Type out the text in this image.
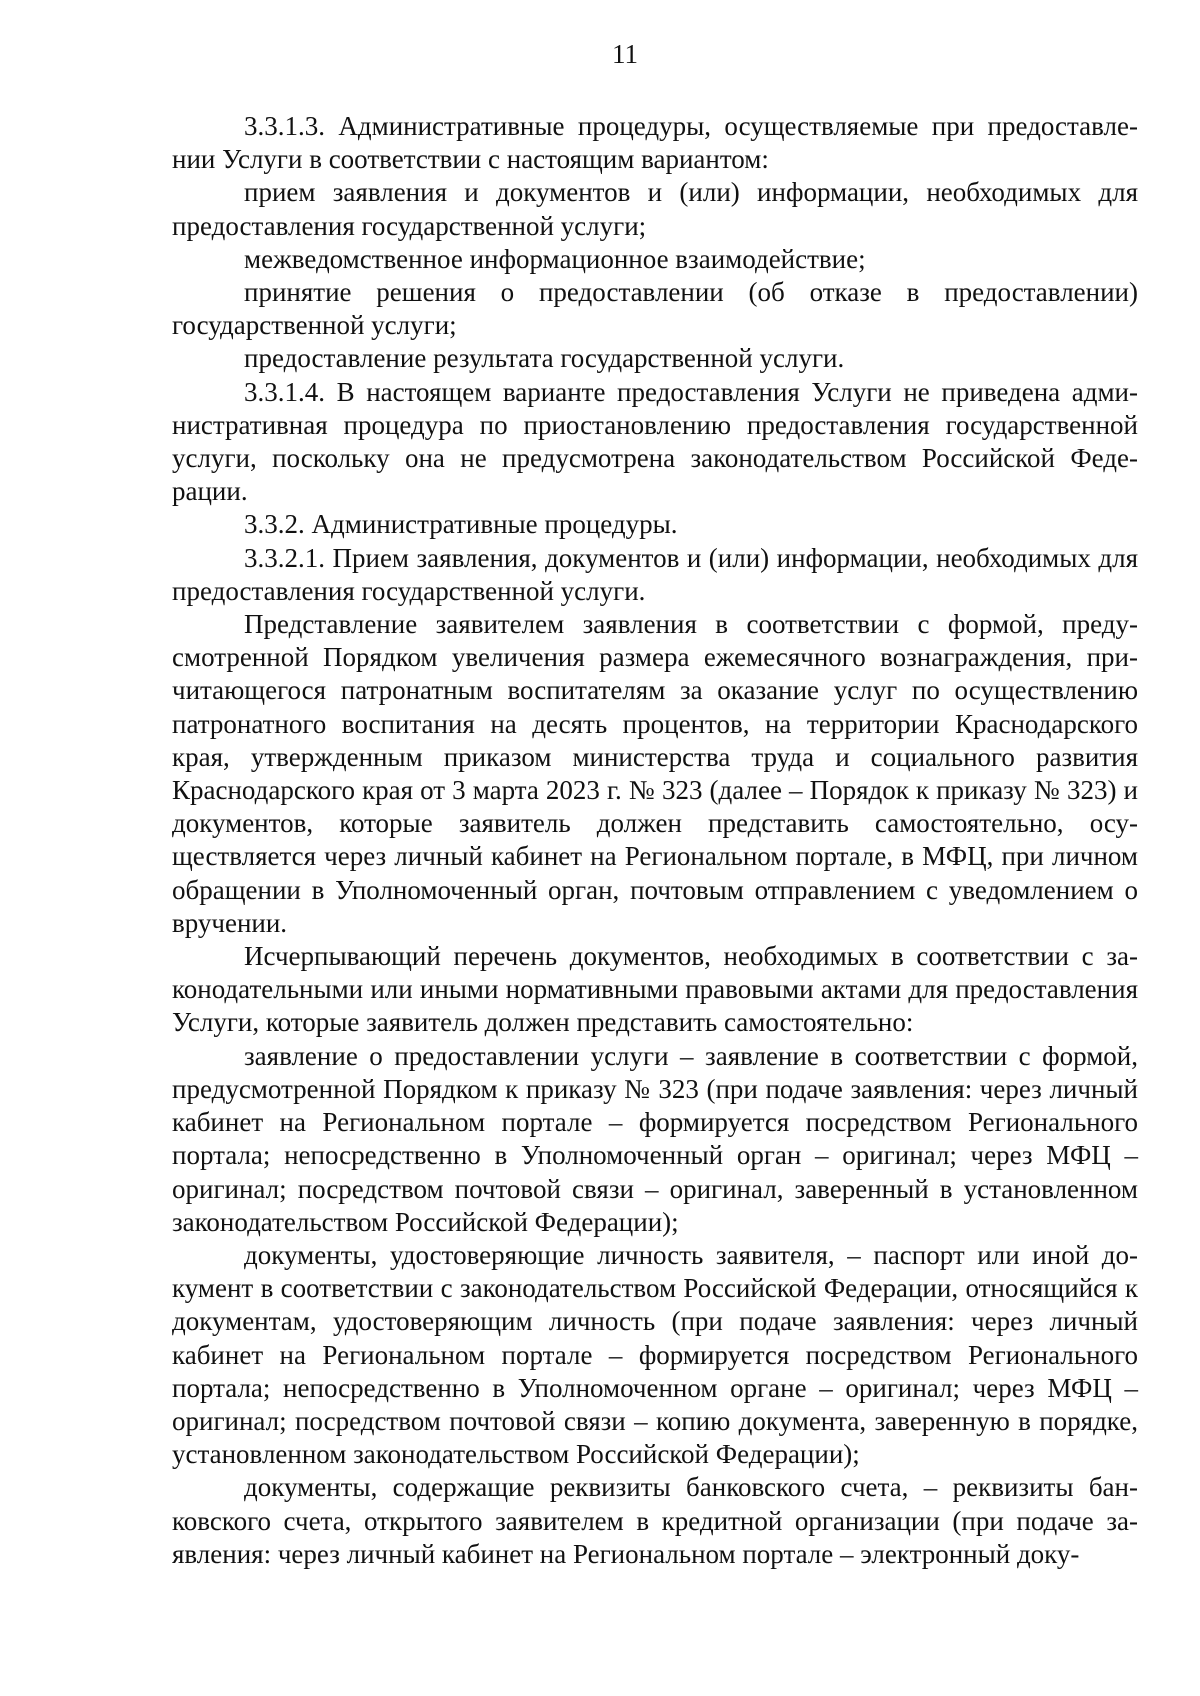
11

3.3.1.3. Административные процедуры, осуществляемые при предоставлении Услуги в соответствии с настоящим вариантом:

прием заявления и документов и (или) информации, необходимых для предоставления государственной услуги;

межведомственное информационное взаимодействие;

принятие решения о предоставлении (об отказе в предоставлении) государственной услуги;

предоставление результата государственной услуги.

3.3.1.4. В настоящем варианте предоставления Услуги не приведена административная процедура по приостановлению предоставления государственной услуги, поскольку она не предусмотрена законодательством Российской Федерации.

3.3.2. Административные процедуры.

3.3.2.1. Прием заявления, документов и (или) информации, необходимых для предоставления государственной услуги.

Представление заявителем заявления в соответствии с формой, предусмотренной Порядком увеличения размера ежемесячного вознаграждения, причитающегося патронатным воспитателям за оказание услуг по осуществлению патронатного воспитания на десять процентов, на территории Краснодарского края, утвержденным приказом министерства труда и социального развития Краснодарского края от 3 марта 2023 г. № 323 (далее – Порядок к приказу № 323) и документов, которые заявитель должен представить самостоятельно, осуществляется через личный кабинет на Региональном портале, в МФЦ, при личном обращении в Уполномоченный орган, почтовым отправлением с уведомлением о вручении.

Исчерпывающий перечень документов, необходимых в соответствии с законодательными или иными нормативными правовыми актами для предоставления Услуги, которые заявитель должен представить самостоятельно:

заявление о предоставлении услуги – заявление в соответствии с формой, предусмотренной Порядком к приказу № 323 (при подаче заявления: через личный кабинет на Региональном портале – формируется посредством Регионального портала; непосредственно в Уполномоченный орган – оригинал; через МФЦ – оригинал; посредством почтовой связи – оригинал, заверенный в установленном законодательством Российской Федерации);

документы, удостоверяющие личность заявителя, – паспорт или иной документ в соответствии с законодательством Российской Федерации, относящийся к документам, удостоверяющим личность (при подаче заявления: через личный кабинет на Региональном портале – формируется посредством Регионального портала; непосредственно в Уполномоченном органе – оригинал; через МФЦ – оригинал; посредством почтовой связи – копию документа, заверенную в порядке, установленном законодательством Российской Федерации);

документы, содержащие реквизиты банковского счета, – реквизиты банковского счета, открытого заявителем в кредитной организации (при подаче заявления: через личный кабинет на Региональном портале – электронный доку-
